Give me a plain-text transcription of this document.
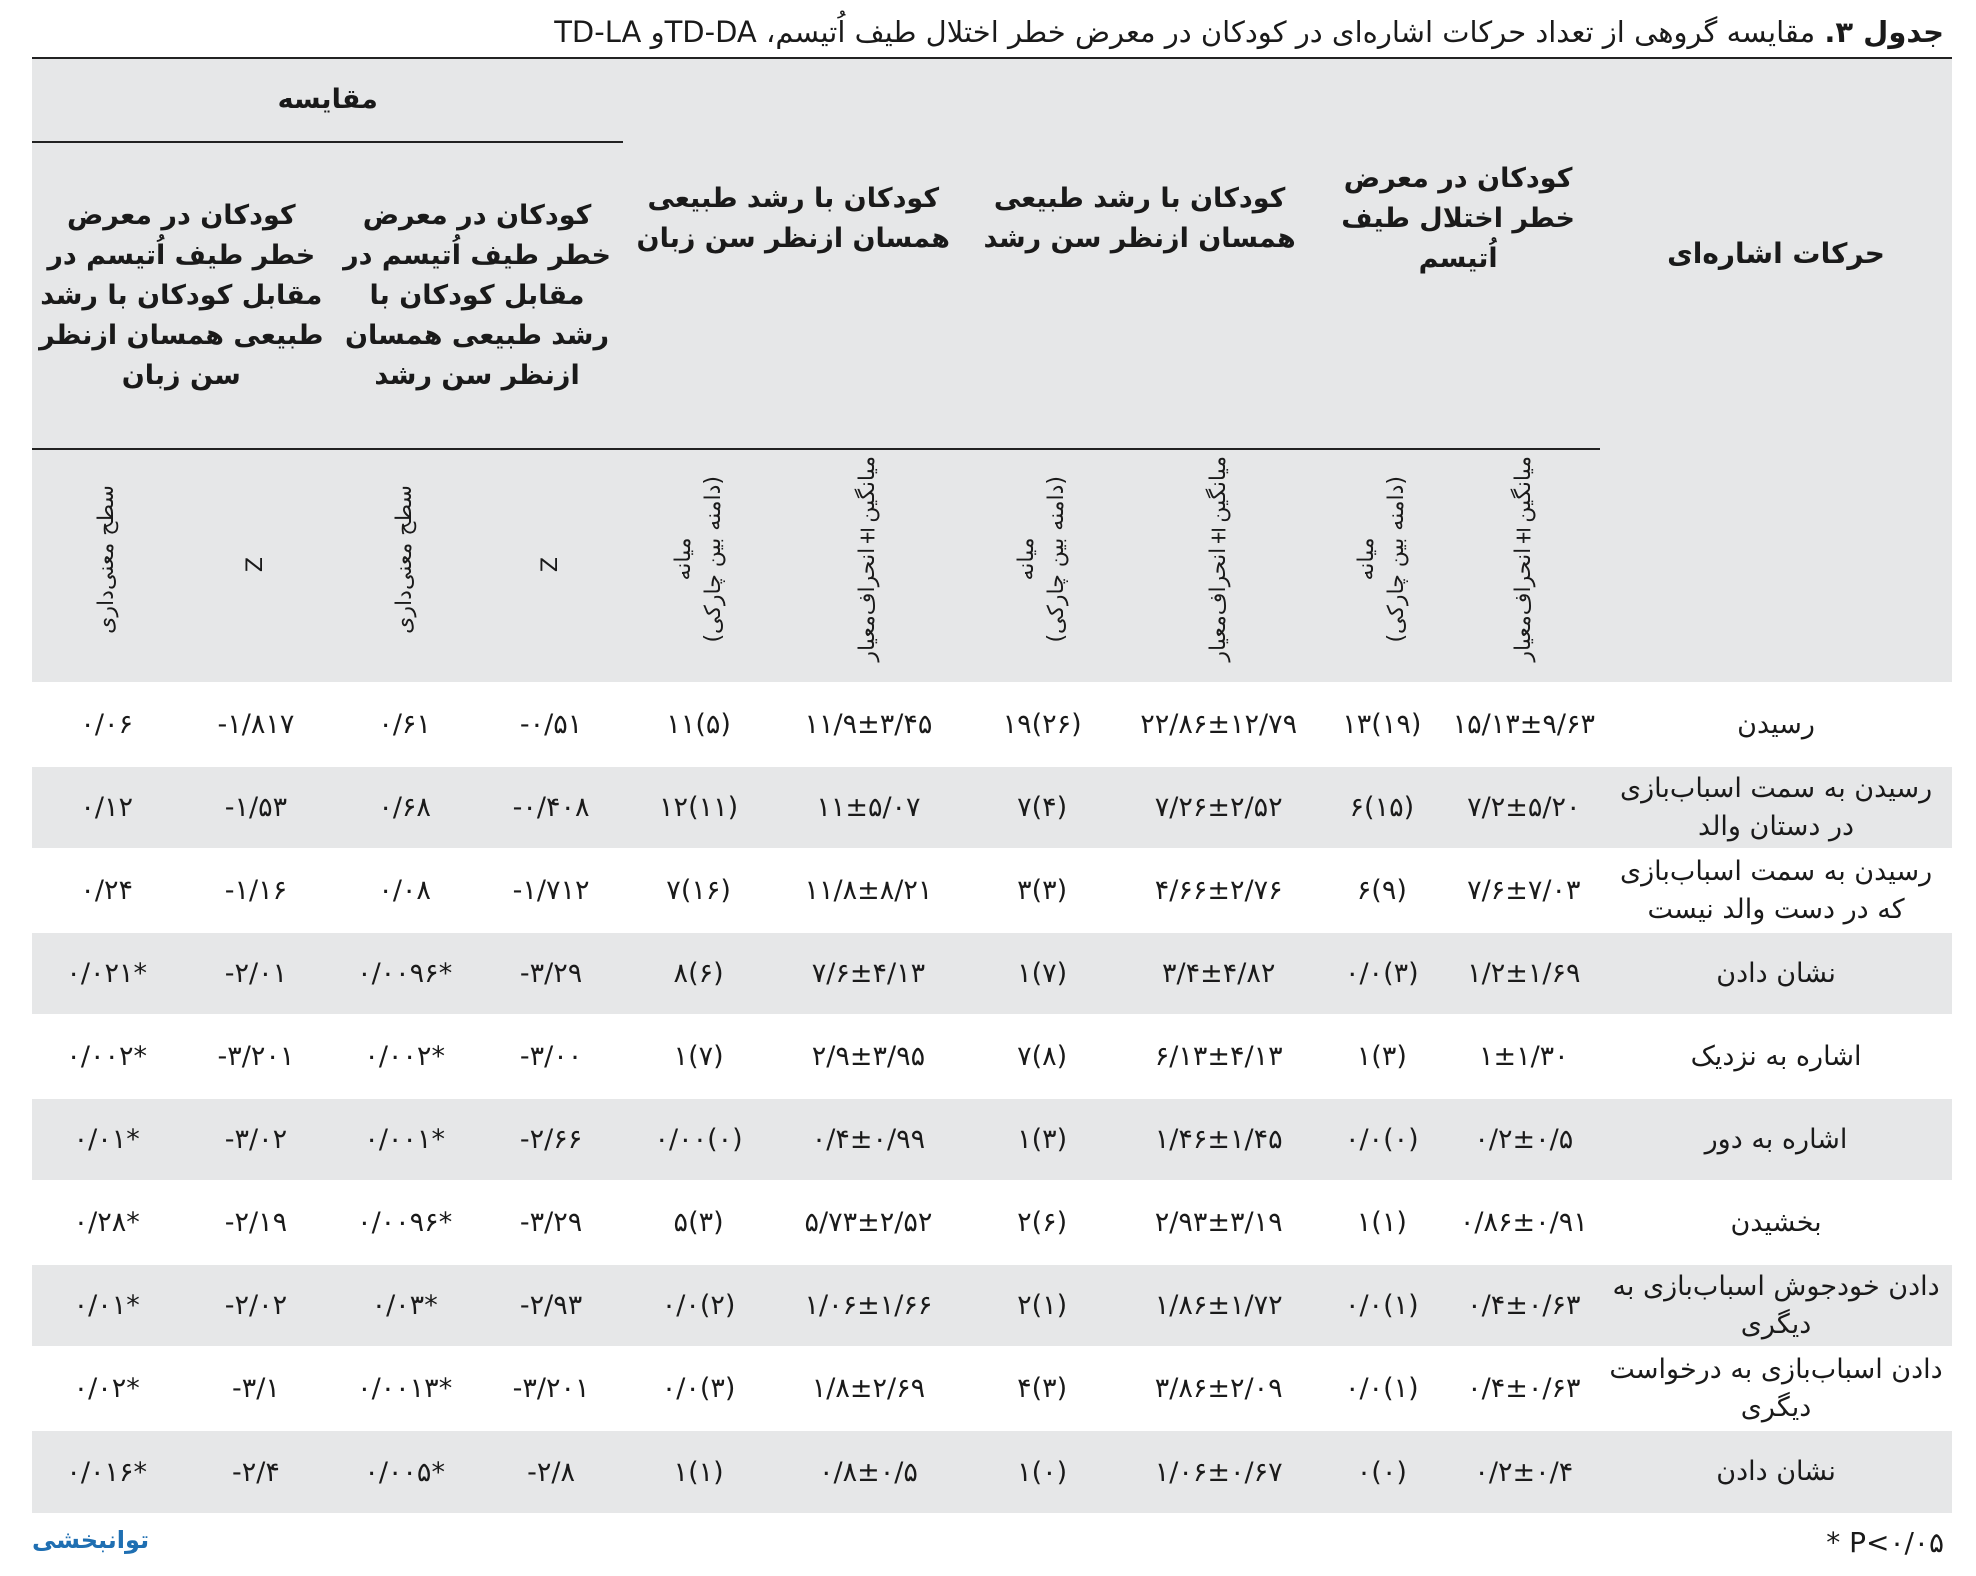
جدول ۳. مقایسه گروهی از تعداد حرکات اشاره‌ای در کودکان در معرض خطر اختلال طیف اُتیسم، TD-DAو TD-LA
حرکات اشاره‌ای	کودکان در معرض خطر اختلال طیف اُتیسم		کودکان با رشد طبیعی همسان ازنظر سن رشد		کودکان با رشد طبیعی همسان ازنظر سن زبان		مقایسه			
							کودکان در معرض خطر طیف اُتیسم در مقابل کودکان با رشد طبیعی همسان ازنظر سن رشد		کودکان در معرض خطر طیف اُتیسم در مقابل کودکان با رشد طبیعی همسان ازنظر سن زبان	
	میانگین±انحراف‌معیار	میانه (دامنه بین چارکی)	میانگین±انحراف‌معیار	میانه (دامنه بین چارکی)	میانگین±انحراف‌معیار	میانه (دامنه بین چارکی)	Z	سطح معنی‌داری	Z	سطح معنی‌داری
رسیدن	۱۵/۱۳±۹/۶۳	(۱۹)۱۳	۲۲/۸۶±۱۲/۷۹	(۲۶)۱۹	۱۱/۹±۳/۴۵	(۵)۱۱	۰/۵۱-	۰/۶۱	۱/۸۱۷-	۰/۰۶
رسیدن به سمت اسباب‌بازی در دستان والد	۷/۲±۵/۲۰	(۱۵)۶	۷/۲۶±۲/۵۲	(۴)۷	۱۱±۵/۰۷	(۱۱)۱۲	۰/۴۰۸-	۰/۶۸	۱/۵۳-	۰/۱۲
رسیدن به سمت اسباب‌بازی که در دست والد نیست	۷/۶±۷/۰۳	(۹)۶	۴/۶۶±۲/۷۶	(۳)۳	۱۱/۸±۸/۲۱	(۱۶)۷	۱/۷۱۲-	۰/۰۸	۱/۱۶-	۰/۲۴
نشان دادن	۱/۲±۱/۶۹	(۳)۰/۰	۳/۴±۴/۸۲	(۷)۱	۷/۶±۴/۱۳	(۶)۸	۳/۲۹-	*۰/۰۰۹۶	۲/۰۱-	*۰/۰۲۱
اشاره به نزدیک	۱±۱/۳۰	(۳)۱	۶/۱۳±۴/۱۳	(۸)۷	۲/۹±۳/۹۵	(۷)۱	۳/۰۰-	*۰/۰۰۲	۳/۲۰۱-	*۰/۰۰۲
اشاره به دور	۰/۲±۰/۵	(۰)۰/۰	۱/۴۶±۱/۴۵	(۳)۱	۰/۴±۰/۹۹	(۰)۰/۰۰	۲/۶۶-	*۰/۰۰۱	۳/۰۲-	*۰/۰۱
بخشیدن	۰/۸۶±۰/۹۱	(۱)۱	۲/۹۳±۳/۱۹	(۶)۲	۵/۷۳±۲/۵۲	(۳)۵	۳/۲۹-	*۰/۰۰۹۶	۲/۱۹-	*۰/۲۸
دادن خودجوش اسباب‌بازی به دیگری	۰/۴±۰/۶۳	(۱)۰/۰	۱/۸۶±۱/۷۲	(۱)۲	۱/۰۶±۱/۶۶	(۲)۰/۰	۲/۹۳-	*۰/۰۳	۲/۰۲-	*۰/۰۱
دادن اسباب‌بازی به درخواست دیگری	۰/۴±۰/۶۳	(۱)۰/۰	۳/۸۶±۲/۰۹	(۳)۴	۱/۸±۲/۶۹	(۳)۰/۰	۳/۲۰۱-	*۰/۰۰۱۳	۳/۱-	*۰/۰۲
نشان دادن	۰/۲±۰/۴	(۰)۰	۱/۰۶±۰/۶۷	(۰)۱	۰/۸±۰/۵	(۱)۱	۲/۸-	*۰/۰۰۵	۲/۴-	*۰/۰۱۶
توانبخشی	* P<۰/۰۵
